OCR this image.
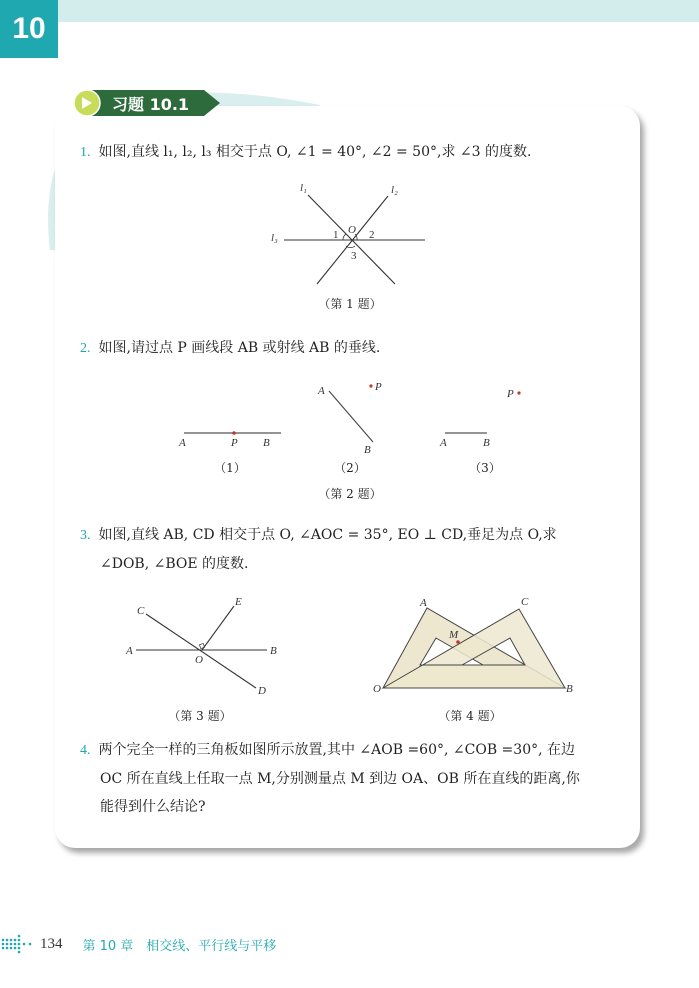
10
习题 10.1
1. 如图,直线 l₁, l₂, l₃ 相交于点 O, ∠1 = 40°, ∠2 = 50°,求 ∠3 的度数.
l₁	l₂
l₃
O
1	2
3
A	P B
A
B
P
A	B
P
A	B
C
D
E
O
A	C
O	B
M
（第 1 题）
2. 如图,请过点 P 画线段 AB 或射线 AB 的垂线.
（1）	（2）	（3）
（第 2 题）
3. 如图,直线 AB, CD 相交于点 O, ∠AOC = 35°, EO ⊥ CD,垂足为点 O,求
∠DOB, ∠BOE 的度数.
（第 3 题）	（第 4 题）
4. 两个完全一样的三角板如图所示放置,其中 ∠AOB =60°, ∠COB =30°, 在边
OC 所在直线上任取一点 M,分别测量点 M 到边 OA、OB 所在直线的距离,你
能得到什么结论?
134 第 10 章　相交线、平行线与平移
